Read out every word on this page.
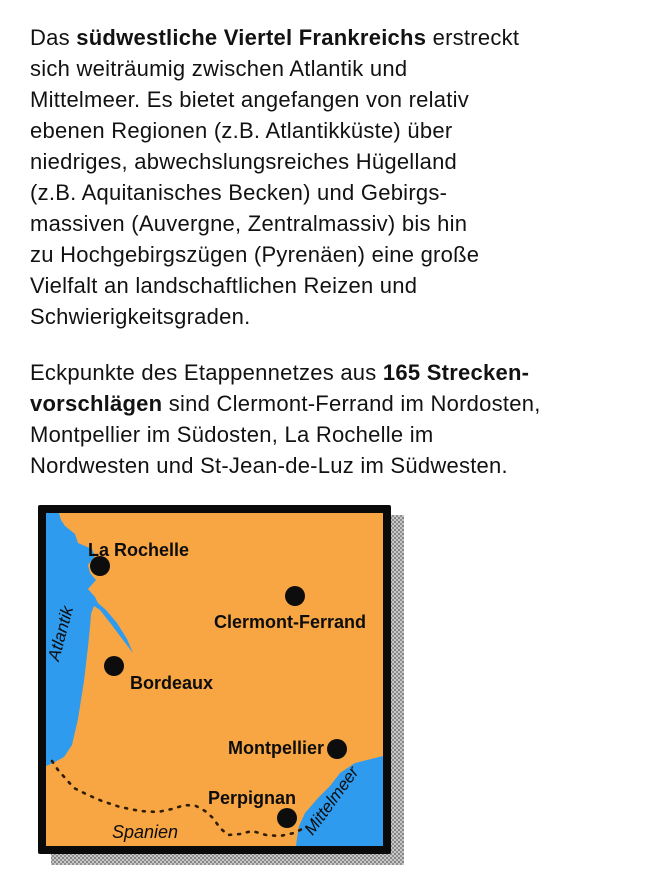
Das südwestliche Viertel Frankreichs erstreckt
sich weiträumig zwischen Atlantik und
Mittelmeer. Es bietet angefangen von relativ
ebenen Regionen (z.B. Atlantikküste) über
niedriges, abwechslungsreiches Hügelland
(z.B. Aquitanisches Becken) und Gebirgs-
massiven (Auvergne, Zentralmassiv) bis hin
zu Hochgebirgszügen (Pyrenäen) eine große
Vielfalt an landschaftlichen Reizen und
Schwierigkeitsgraden.
Eckpunkte des Etappennetzes aus 165 Strecken-
vorschlägen sind Clermont-Ferrand im Nordosten,
Montpellier im Südosten, La Rochelle im
Nordwesten und St-Jean-de-Luz im Südwesten.
La Rochelle
Clermont-Ferrand
Bordeaux
Montpellier
Perpignan
Atlantik
Mittelmeer
Spanien
